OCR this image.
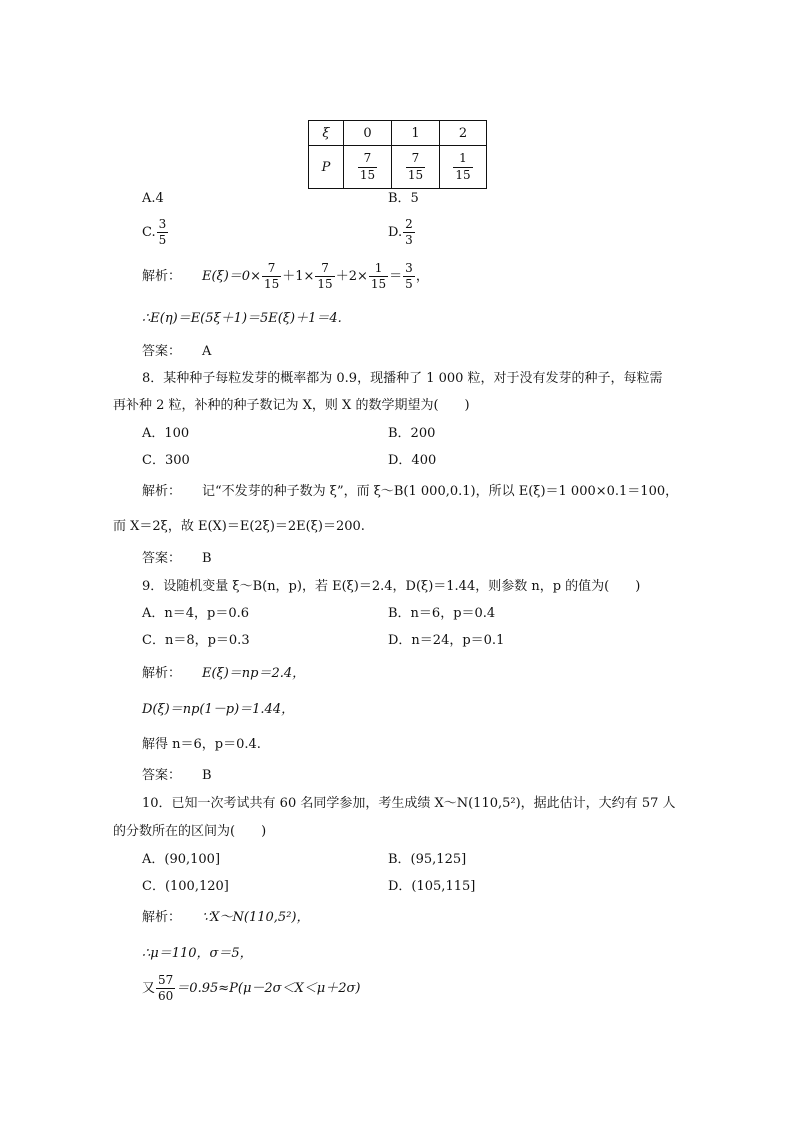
ξ	0	1	2
P	$\frac{7}{15}$	$\frac{7}{15}$	$\frac{1}{15}$
A.4	B．5
C. $\frac{3}{5}$	D. $\frac{2}{3}$
解析： $E(\xi)=0\times \frac{7}{15} +1\times \frac{7}{15} +2\times \frac{1}{15} = \frac{3}{5}$ ，
∴E(η)＝E(5ξ＋1)＝5E(ξ)＋1＝4.
答案： A
8．某种种子每粒发芽的概率都为 0.9，现播种了 1 000 粒，对于没有发芽的种子，每粒需
再补种 2 粒，补种的种子数记为 X，则 X 的数学期望为(　　)
A．100	B．200
C．300	D．400
解析： 记“不发芽的种子数为 ξ”，而 ξ～B(1 000,0.1)，所以 E(ξ)＝1 000×0.1＝100，
而 X＝2ξ，故 E(X)＝E(2ξ)＝2E(ξ)＝200.
答案： B
9．设随机变量 ξ～B(n，p)，若 E(ξ)＝2.4，D(ξ)＝1.44，则参数 n，p 的值为(　　)
A．n＝4，p＝0.6	B．n＝6，p＝0.4
C．n＝8，p＝0.3	D．n＝24，p＝0.1
解析： E(ξ)＝np＝2.4，
D(ξ)＝np(1－p)＝1.44，
解得 n＝6，p＝0.4.
答案： B
10．已知一次考试共有 60 名同学参加，考生成绩 X～N(110,5²)，据此估计，大约有 57 人
的分数所在的区间为(　　)
A．(90,100]	B．(95,125]
C．(100,120]	D．(105,115]
解析： ∵X～N(110,5²)，
∴μ＝110，σ＝5，
又 $\frac{57}{60} =0.95\approx P(\mu-2\sigma<X<\mu+2\sigma)$
